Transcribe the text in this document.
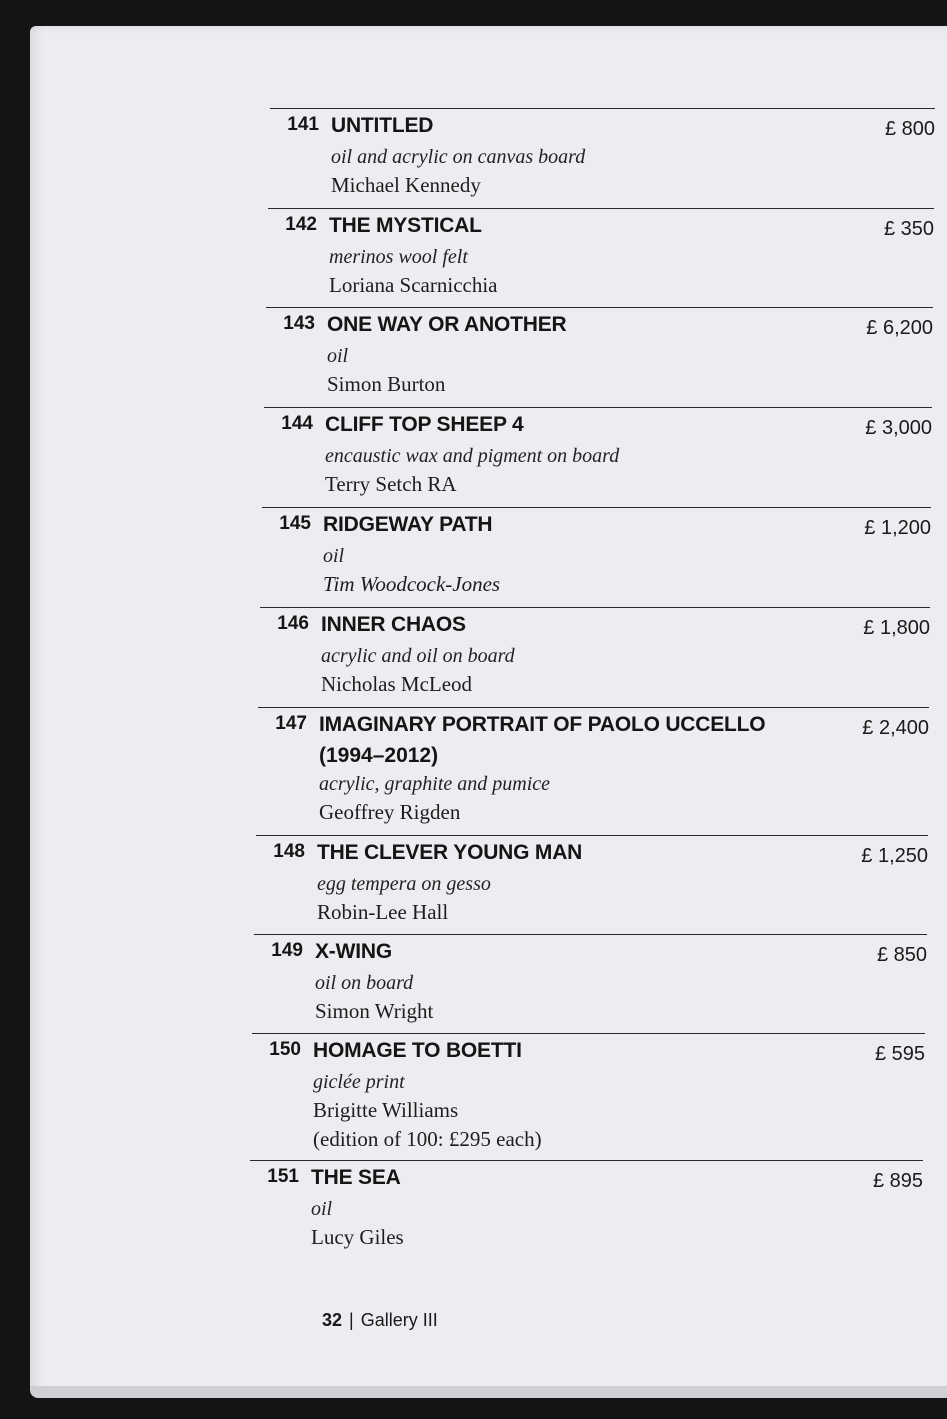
141 UNTITLED	£ 800
oil and acrylic on canvas board
Michael Kennedy
142 THE MYSTICAL	£ 350
merinos wool felt
Loriana Scarnicchia
143 ONE WAY OR ANOTHER	£ 6,200
oil
Simon Burton
144 CLIFF TOP SHEEP 4	£ 3,000
encaustic wax and pigment on board
Terry Setch RA
145 RIDGEWAY PATH	£ 1,200
oil
Tim Woodcock-Jones
146 INNER CHAOS	£ 1,800
acrylic and oil on board
Nicholas McLeod
147 IMAGINARY PORTRAIT OF PAOLO UCCELLO	£ 2,400
(1994–2012)
acrylic, graphite and pumice
Geoffrey Rigden
148 THE CLEVER YOUNG MAN	£ 1,250
egg tempera on gesso
Robin-Lee Hall
149 X-WING	£ 850
oil on board
Simon Wright
150 HOMAGE TO BOETTI	£ 595
giclée print
Brigitte Williams
(edition of 100: £295 each)
151 THE SEA	£ 895
oil
Lucy Giles
32 | Gallery III
